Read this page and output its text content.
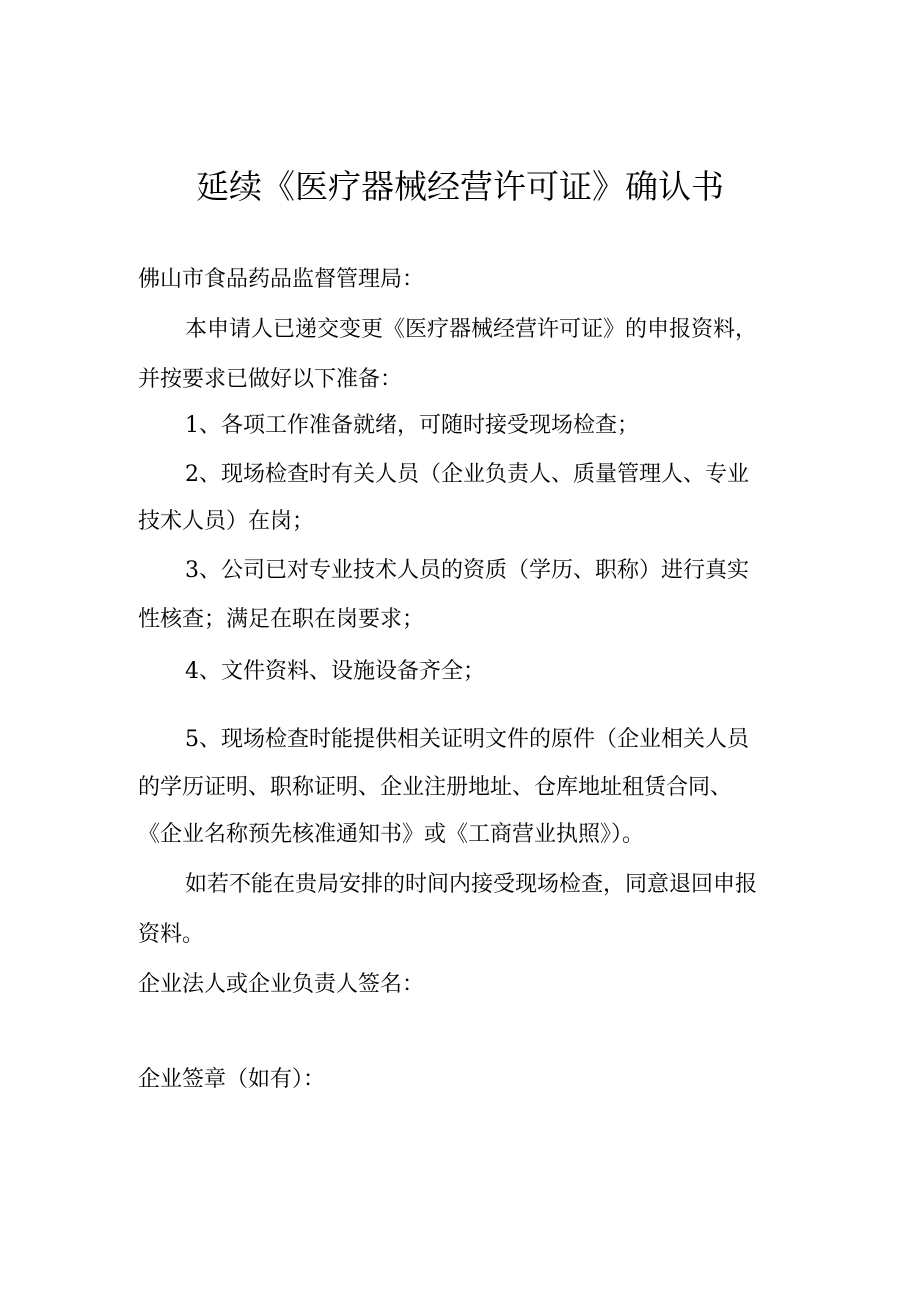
延续《医疗器械经营许可证》确认书
佛山市食品药品监督管理局：
本申请人已递交变更《医疗器械经营许可证》的申报资料，
并按要求已做好以下准备：
1、各项工作准备就绪，可随时接受现场检查；
2、现场检查时有关人员（企业负责人、质量管理人、专业
技术人员）在岗；
3、公司已对专业技术人员的资质（学历、职称）进行真实
性核查；满足在职在岗要求；
4、文件资料、设施设备齐全；
5、现场检查时能提供相关证明文件的原件（企业相关人员
的学历证明、职称证明、企业注册地址、仓库地址租赁合同、
《企业名称预先核准通知书》或《工商营业执照》）。
如若不能在贵局安排的时间内接受现场检查，同意退回申报
资料。
企业法人或企业负责人签名：
企业签章（如有）：
